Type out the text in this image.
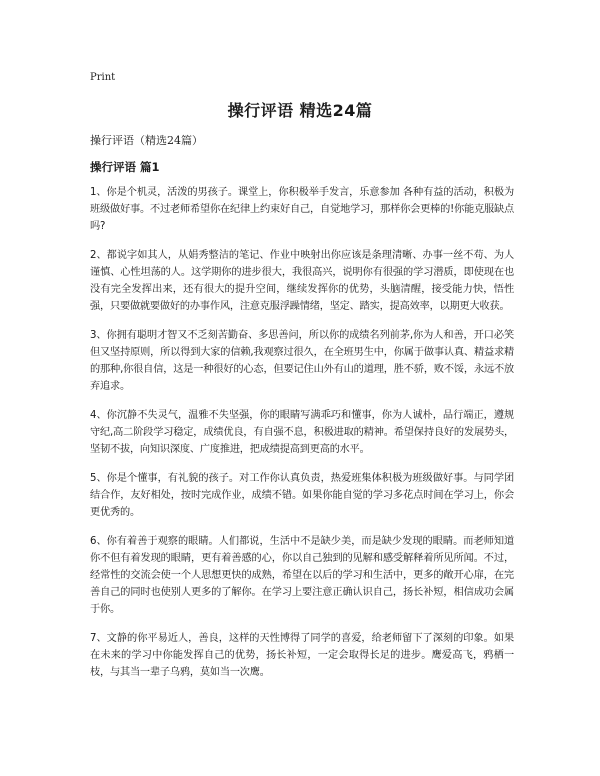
Print
操行评语 精选24篇
操行评语（精选24篇）
操行评语 篇1

1、你是个机灵，活泼的男孩子。课堂上，你积极举手发言，乐意参加 各种有益的活动，积极为班级做好事。不过老师希望你在纪律上约束好自己，自觉地学习，那样你会更棒的!你能克服缺点吗?

2、都说字如其人，从娟秀整洁的笔记、作业中映射出你应该是条理清晰、办事一丝不苟、为人谨慎、心性坦荡的人。这学期你的进步很大，我很高兴，说明你有很强的学习潜质，即使现在也没有完全发挥出来，还有很大的提升空间，继续发挥你的优势，头脑清醒，接受能力快，悟性强，只要做就要做好的办事作风，注意克服浮躁情绪，坚定、踏实，提高效率，以期更大收获。

3、你拥有聪明才智又不乏刻苦勤奋、多思善问，所以你的成绩名列前茅,你为人和善，开口必笑但又坚持原则，所以得到大家的信赖,我观察过很久，在全班男生中，你属于做事认真、精益求精的那种,你很自信，这是一种很好的心态，但要记住山外有山的道理，胜不骄，败不馁，永远不放弃追求。

4、你沉静不失灵气，温雅不失坚强，你的眼睛写满乖巧和懂事，你为人诚朴，品行端正，遵规守纪,高二阶段学习稳定，成绩优良，有自强不息，积极进取的精神。希望保持良好的发展势头，坚韧不拔，向知识深度、广度推进，把成绩提高到更高的水平。

5、你是个懂事，有礼貌的孩子。对工作你认真负责，热爱班集体积极为班级做好事。与同学团结合作，友好相处，按时完成作业，成绩不错。如果你能自觉的学习多花点时间在学习上，你会更优秀的。

6、你有着善于观察的眼睛。人们都说，生活中不是缺少美，而是缺少发现的眼睛。而老师知道你不但有着发现的眼睛，更有着善感的心，你以自己独到的见解和感受解释着所见所闻。不过，经常性的交流会使一个人思想更快的成熟，希望在以后的学习和生活中，更多的敞开心扉，在完善自己的同时也使别人更多的了解你。在学习上要注意正确认识自己，扬长补短，相信成功会属于你。

7、文静的你平易近人，善良，这样的天性博得了同学的喜爱，给老师留下了深刻的印象。如果在未来的学习中你能发挥自己的优势，扬长补短，一定会取得长足的进步。鹰爱高飞，鸦栖一枝，与其当一辈子乌鸦，莫如当一次鹰。
